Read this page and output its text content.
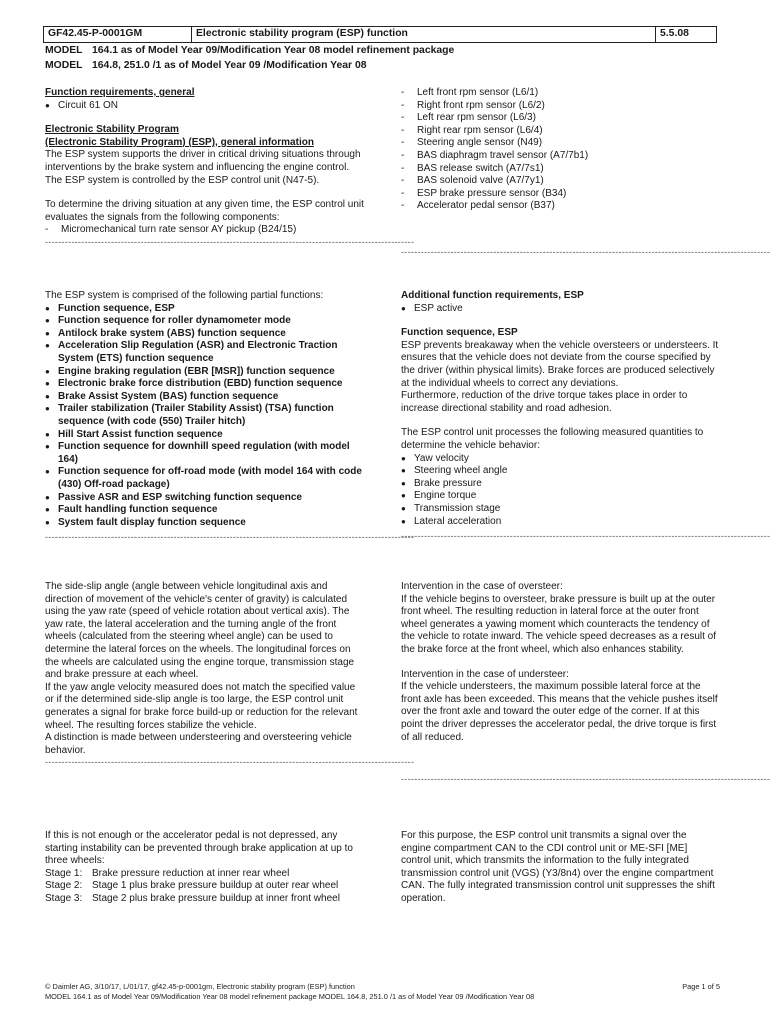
GF42.45-P-0001GM	Electronic stability program (ESP) function	5.5.08
MODEL 164.1 as of Model Year 09/Modification Year 08 model refinement package
MODEL 164.8, 251.0 /1 as of Model Year 09 /Modification Year 08
Function requirements, general
● Circuit 61 ON
Electronic Stability Program
(Electronic Stability Program) (ESP), general information

The ESP system supports the driver in critical driving situations through interventions by the brake system and influencing the engine control. The ESP system is controlled by the ESP control unit (N47-5).

To determine the driving situation at any given time, the ESP control unit evaluates the signals from the following components:

- Micromechanical turn rate sensor AY pickup (B24/15)
----------------------------------------------------------------------------------------------------------------
- Left front rpm sensor (L6/1)
- Right front rpm sensor (L6/2)
- Left rear rpm sensor (L6/3)
- Right rear rpm sensor (L6/4)
- Steering angle sensor (N49)
- BAS diaphragm travel sensor (A7/7b1)
- BAS release switch (A7/7s1)
- BAS solenoid valve (A7/7y1)
- ESP brake pressure sensor (B34)
- Accelerator pedal sensor (B37)
----------------------------------------------------------------------------------------------------------------

The ESP system is comprised of the following partial functions:

● Function sequence, ESP
● Function sequence for roller dynamometer mode
● Antilock brake system (ABS) function sequence
● Acceleration Slip Regulation (ASR) and Electronic Traction System (ETS) function sequence
● Engine braking regulation (EBR [MSR]) function sequence
● Electronic brake force distribution (EBD) function sequence
● Brake Assist System (BAS) function sequence
● Trailer stabilization (Trailer Stability Assist) (TSA) function sequence (with code (550) Trailer hitch)
● Hill Start Assist function sequence
● Function sequence for downhill speed regulation (with model 164)
● Function sequence for off-road mode (with model 164 with code (430) Off-road package)
● Passive ASR and ESP switching function sequence
● Fault handling function sequence
● System fault display function sequence
----------------------------------------------------------------------------------------------------------------
Additional function requirements, ESP
● ESP active
Function sequence, ESP

ESP prevents breakaway when the vehicle oversteers or understeers. It ensures that the vehicle does not deviate from the course specified by the driver (within physical limits). Brake forces are produced selectively at the individual wheels to correct any deviations.

Furthermore, reduction of the drive torque takes place in order to increase directional stability and road adhesion.

The ESP control unit processes the following measured quantities to determine the vehicle behavior:

● Yaw velocity
● Steering wheel angle
● Brake pressure
● Engine torque
● Transmission stage
● Lateral acceleration
----------------------------------------------------------------------------------------------------------------

The side-slip angle (angle between vehicle longitudinal axis and direction of movement of the vehicle's center of gravity) is calculated using the yaw rate (speed of vehicle rotation about vertical axis). The yaw rate, the lateral acceleration and the turning angle of the front wheels (calculated from the steering wheel angle) can be used to determine the lateral forces on the wheels. The longitudinal forces on the wheels are calculated using the engine torque, transmission stage and brake pressure at each wheel.

If the yaw angle velocity measured does not match the specified value or if the determined side-slip angle is too large, the ESP control unit generates a signal for brake force build-up or reduction for the relevant wheel. The resulting forces stabilize the vehicle.

A distinction is made between understeering and oversteering vehicle behavior.

----------------------------------------------------------------------------------------------------------------
Intervention in the case of oversteer:

If the vehicle begins to oversteer, brake pressure is built up at the outer front wheel. The resulting reduction in lateral force at the outer front wheel generates a yawing moment which counteracts the tendency of the vehicle to rotate inward. The vehicle speed decreases as a result of the brake force at the front wheel, which also enhances stability.

Intervention in the case of understeer:

If the vehicle understeers, the maximum possible lateral force at the front axle has been exceeded. This means that the vehicle pushes itself over the front axle and toward the outer edge of the corner. If at this point the driver depresses the accelerator pedal, the drive torque is first of all reduced.

----------------------------------------------------------------------------------------------------------------

If this is not enough or the accelerator pedal is not depressed, any starting instability can be prevented through brake application at up to three wheels:

Stage 1: Brake pressure reduction at inner rear wheel
Stage 2: Stage 1 plus brake pressure buildup at outer rear wheel
Stage 3: Stage 2 plus brake pressure buildup at inner front wheel

For this purpose, the ESP control unit transmits a signal over the engine compartment CAN to the CDI control unit or ME-SFI [ME] control unit, which transmits the information to the fully integrated transmission control unit (VGS) (Y3/8n4) over the engine compartment CAN. The fully integrated transmission control unit suppresses the shift operation.

© Daimler AG, 3/10/17, L/01/17, gf42.45-p-0001gm, Electronic stability program (ESP) function
MODEL 164.1 as of Model Year 09/Modification Year 08 model refinement package MODEL 164.8, 251.0 /1 as of Model Year 09 /Modification Year 08
Page 1 of 5
